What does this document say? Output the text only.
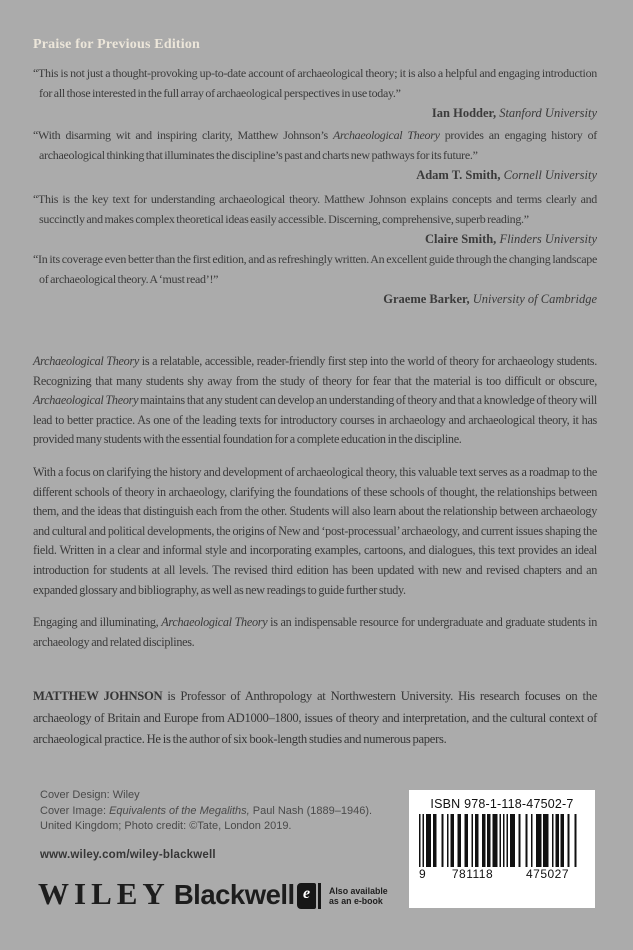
Praise for Previous Edition

“This is not just a thought-provoking up-to-date account of archaeological theory; it is also a helpful and engaging introduction for all those interested in the full array of archaeological perspectives in use today.”

Ian Hodder, Stanford University

“With disarming wit and inspiring clarity, Matthew Johnson’s Archaeological Theory provides an engaging history of archaeological thinking that illuminates the discipline’s past and charts new pathways for its future.”

Adam T. Smith, Cornell University

“This is the key text for understanding archaeological theory. Matthew Johnson explains concepts and terms clearly and succinctly and makes complex theoretical ideas easily accessible. Discerning, comprehensive, superb reading.”

Claire Smith, Flinders University

“In its coverage even better than the first edition, and as refreshingly written. An excellent guide through the changing landscape of archaeological theory. A ‘must read’!”

Graeme Barker, University of Cambridge

Archaeological Theory is a relatable, accessible, reader-friendly first step into the world of theory for archaeology students. Recognizing that many students shy away from the study of theory for fear that the material is too difficult or obscure, Archaeological Theory maintains that any student can develop an understanding of theory and that a knowledge of theory will lead to better practice. As one of the leading texts for introductory courses in archaeology and archaeological theory, it has provided many students with the essential foundation for a complete education in the discipline.

With a focus on clarifying the history and development of archaeological theory, this valuable text serves as a roadmap to the different schools of theory in archaeology, clarifying the foundations of these schools of thought, the relationships between them, and the ideas that distinguish each from the other. Students will also learn about the relationship between archaeology and cultural and political developments, the origins of New and ‘post-processual’ archaeology, and current issues shaping the field. Written in a clear and informal style and incorporating examples, cartoons, and dialogues, this text provides an ideal introduction for students at all levels. The revised third edition has been updated with new and revised chapters and an expanded glossary and bibliography, as well as new readings to guide further study.

Engaging and illuminating, Archaeological Theory is an indispensable resource for undergraduate and graduate students in archaeology and related disciplines.

MATTHEW JOHNSON is Professor of Anthropology at Northwestern University. His research focuses on the archaeology of Britain and Europe from AD1000–1800, issues of theory and interpretation, and the cultural context of archaeological practice. He is the author of six book-length studies and numerous papers.

Cover Design: Wiley

Cover Image: Equivalents of the Megaliths, Paul Nash (1889–1946).

United Kingdom; Photo credit: ©Tate, London 2019.

www.wiley.com/wiley-blackwell
ISBN 978-1-118-47502-7
9	781118	475027
WILEY Blackwell e	Also available
as an e-book
